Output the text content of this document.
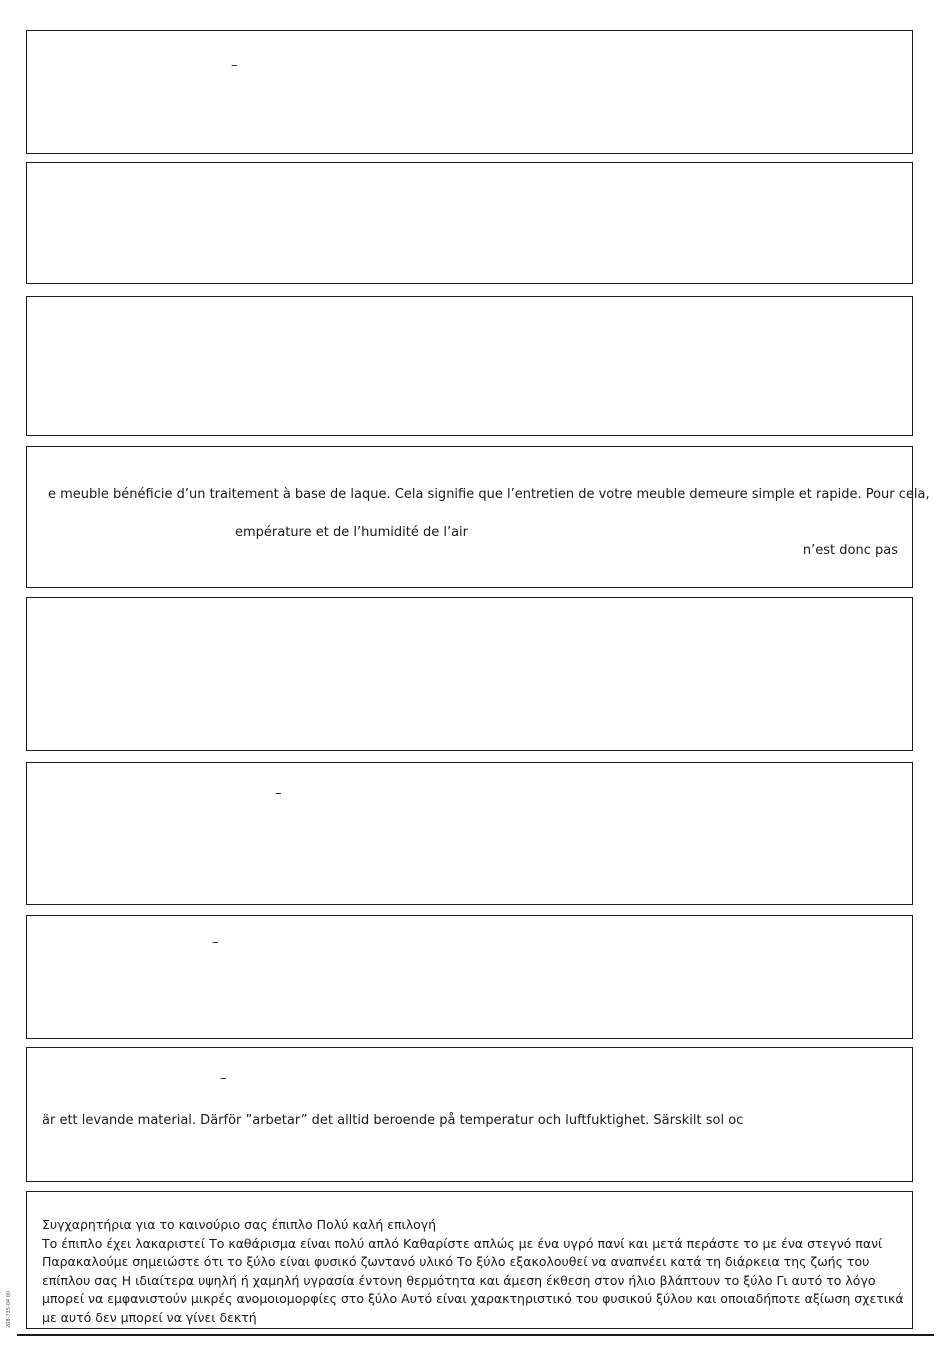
–
e meuble bénéficie d’un traitement à base de laque. Cela signifie que l’entretien de votre meuble demeure simple et rapide. Pour cela,
empérature et de l’humidité de l’air
n’est donc pas
–
–
–
är ett levande material. Därför ”arbetar” det alltid beroende på temperatur och luftfuktighet. Särskilt sol oc
Συγχαρητήρια για το καινούριο σας έπιπλο Πολύ καλή επιλογή
Το έπιπλο έχει λακαριστεί Το καθάρισμα είναι πολύ απλό Καθαρίστε απλώς με ένα υγρό πανί και μετά περάστε το με ένα στεγνό πανί
Παρακαλούμε σημειώστε ότι το ξύλο είναι φυσικό ζωντανό υλικό Το ξύλο εξακολουθεί να αναπνέει κατά τη διάρκεια της ζωής του
επίπλου σας Η ιδιαίτερα υψηλή ή χαμηλή υγρασία έντονη θερμότητα και άμεση έκθεση στον ήλιο βλάπτουν το ξύλο Γι αυτό το λόγο
μπορεί να εμφανιστούν μικρές ανομοιομορφίες στο ξύλο Αυτό είναι χαρακτηριστικό του φυσικού ξύλου και οποιαδήποτε αξίωση σχετικά
με αυτό δεν μπορεί να γίνει δεκτή
208-735-04 00
